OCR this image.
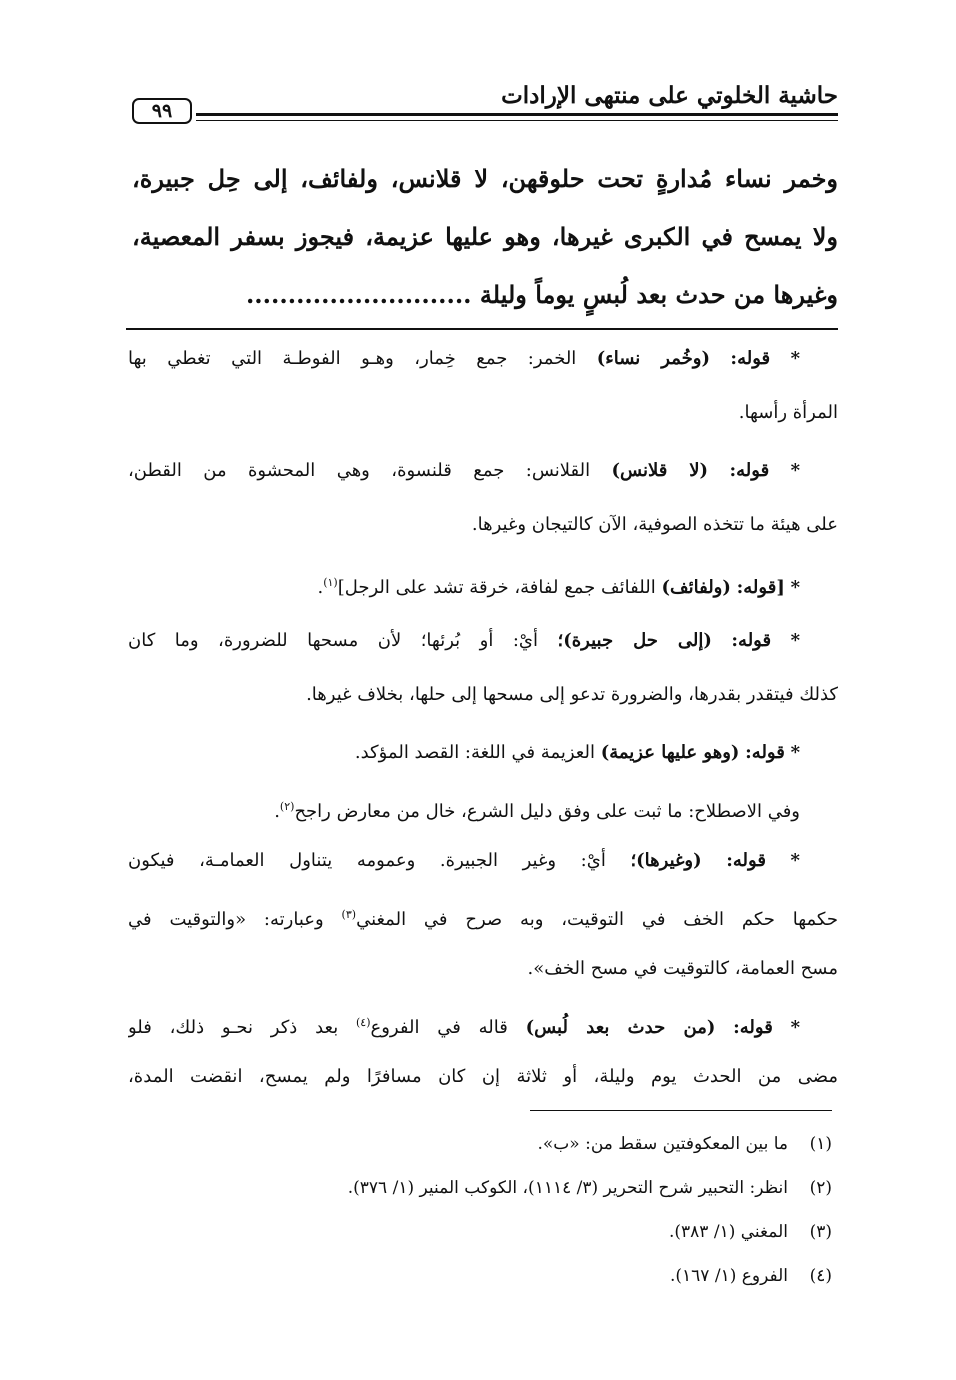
حاشية الخلوتي على منتهى الإرادات
٩٩
وخمر نساء مُدارةٍ تحت حلوقهن، لا قلانس، ولفائف، إلى حِل جبيرة،
ولا يمسح في الكبرى غيرها، وهو عليها عزيمة، فيجوز بسفر المعصية،
وغيرها من حدث بعد لُبسٍ يوماً وليلة ...........................
* قوله: (وخُمر نساء) الخمر: جمع خِمار، وهـو الفوطـة التي تغطي بها
المرأة رأسها.
* قوله: (لا قلانس) القلانس: جمع قلنسوة، وهي المحشوة من القطن،
على هيئة ما تتخذه الصوفية، الآن كالتيجان وغيرها.
* [قوله: (ولفائف) اللفائف جمع لفافة، خرقة تشد على الرجل]$^{(١)}$.
* قوله: (إلى حل جبيرة)؛ أيْ: أو بُرئها؛ لأن مسحها للضرورة، وما كان
كذلك فيتقدر بقدرها، والضرورة تدعو إلى مسحها إلى حلها، بخلاف غيرها.
* قوله: (وهو عليها عزيمة) العزيمة في اللغة: القصد المؤكد.
وفي الاصطلاح: ما ثبت على وفق دليل الشرع، خال من معارض راجح$^{(٢)}$.
* قوله: (وغيرها)؛ أيْ: وغير الجبيرة. وعمومه يتناول العمامـة، فيكون
حكمها حكم الخف في التوقيت، وبه صرح في المغني$^{(٣)}$ وعبارته: «والتوقيت في
مسح العمامة، كالتوقيت في مسح الخف».
* قوله: (من حدث بعد لُبس) قاله في الفروع$^{(٤)}$ بعد ذكر نحـو ذلك، فلو
مضى من الحدث يوم وليلة، أو ثلاثة إن كان مسافرًا ولم يمسح، انقضت المدة،
(١)ما بين المعكوفتين سقط من: «ب».
(٢)انظر: التحبير شرح التحرير (٣/ ١١١٤)، الكوكب المنير (١/ ٣٧٦).
(٣)المغني (١/ ٣٨٣).
(٤)الفروع (١/ ١٦٧).
